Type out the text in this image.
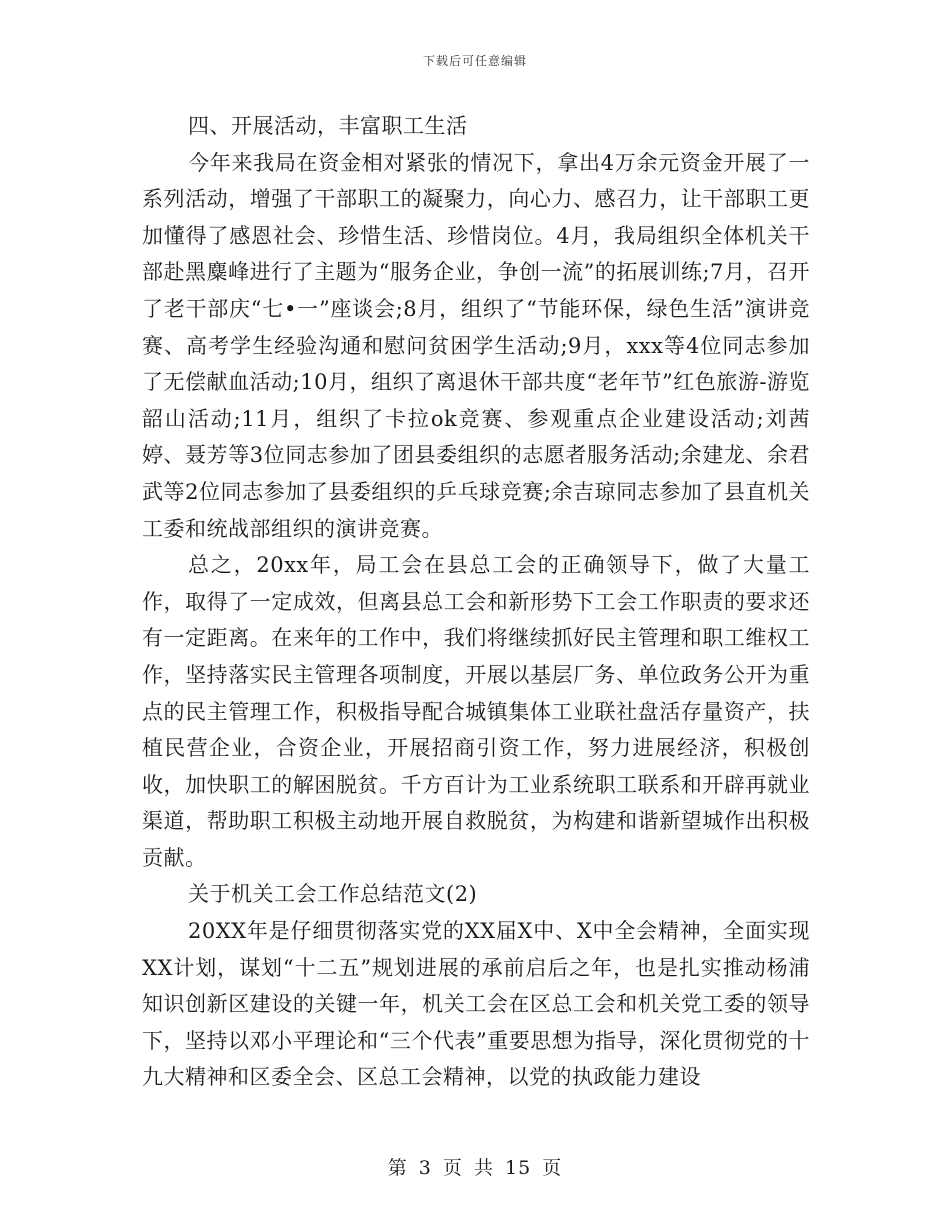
下载后可任意编辑

四、开展活动，丰富职工生活

今年来我局在资金相对紧张的情况下，拿出4万余元资金开展了一系列活动，增强了干部职工的凝聚力，向心力、感召力，让干部职工更加懂得了感恩社会、珍惜生活、珍惜岗位。4月，我局组织全体机关干部赴黑麋峰进行了主题为“服务企业，争创一流”的拓展训练;7月，召开了老干部庆“七•一”座谈会;8月，组织了“节能环保，绿色生活”演讲竞赛、高考学生经验沟通和慰问贫困学生活动;9月，xxx等4位同志参加了无偿献血活动;10月，组织了离退休干部共度“老年节”红色旅游-游览韶山活动;11月，组织了卡拉ok竞赛、参观重点企业建设活动;刘茜婷、聂芳等3位同志参加了团县委组织的志愿者服务活动;余建龙、余君武等2位同志参加了县委组织的乒乓球竞赛;余吉琼同志参加了县直机关工委和统战部组织的演讲竞赛。

总之，20xx年，局工会在县总工会的正确领导下，做了大量工作，取得了一定成效，但离县总工会和新形势下工会工作职责的要求还有一定距离。在来年的工作中，我们将继续抓好民主管理和职工维权工作，坚持落实民主管理各项制度，开展以基层厂务、单位政务公开为重点的民主管理工作，积极指导配合城镇集体工业联社盘活存量资产，扶植民营企业，合资企业，开展招商引资工作，努力进展经济，积极创收，加快职工的解困脱贫。千方百计为工业系统职工联系和开辟再就业渠道，帮助职工积极主动地开展自救脱贫，为构建和谐新望城作出积极贡献。

关于机关工会工作总结范文(2)

20XX年是仔细贯彻落实党的XX届X中、X中全会精神，全面实现XX计划，谋划“十二五”规划进展的承前启后之年，也是扎实推动杨浦知识创新区建设的关键一年，机关工会在区总工会和机关党工委的领导下，坚持以邓小平理论和“三个代表”重要思想为指导，深化贯彻党的十九大精神和区委全会、区总工会精神，以党的执政能力建设

第 3 页 共 15 页
